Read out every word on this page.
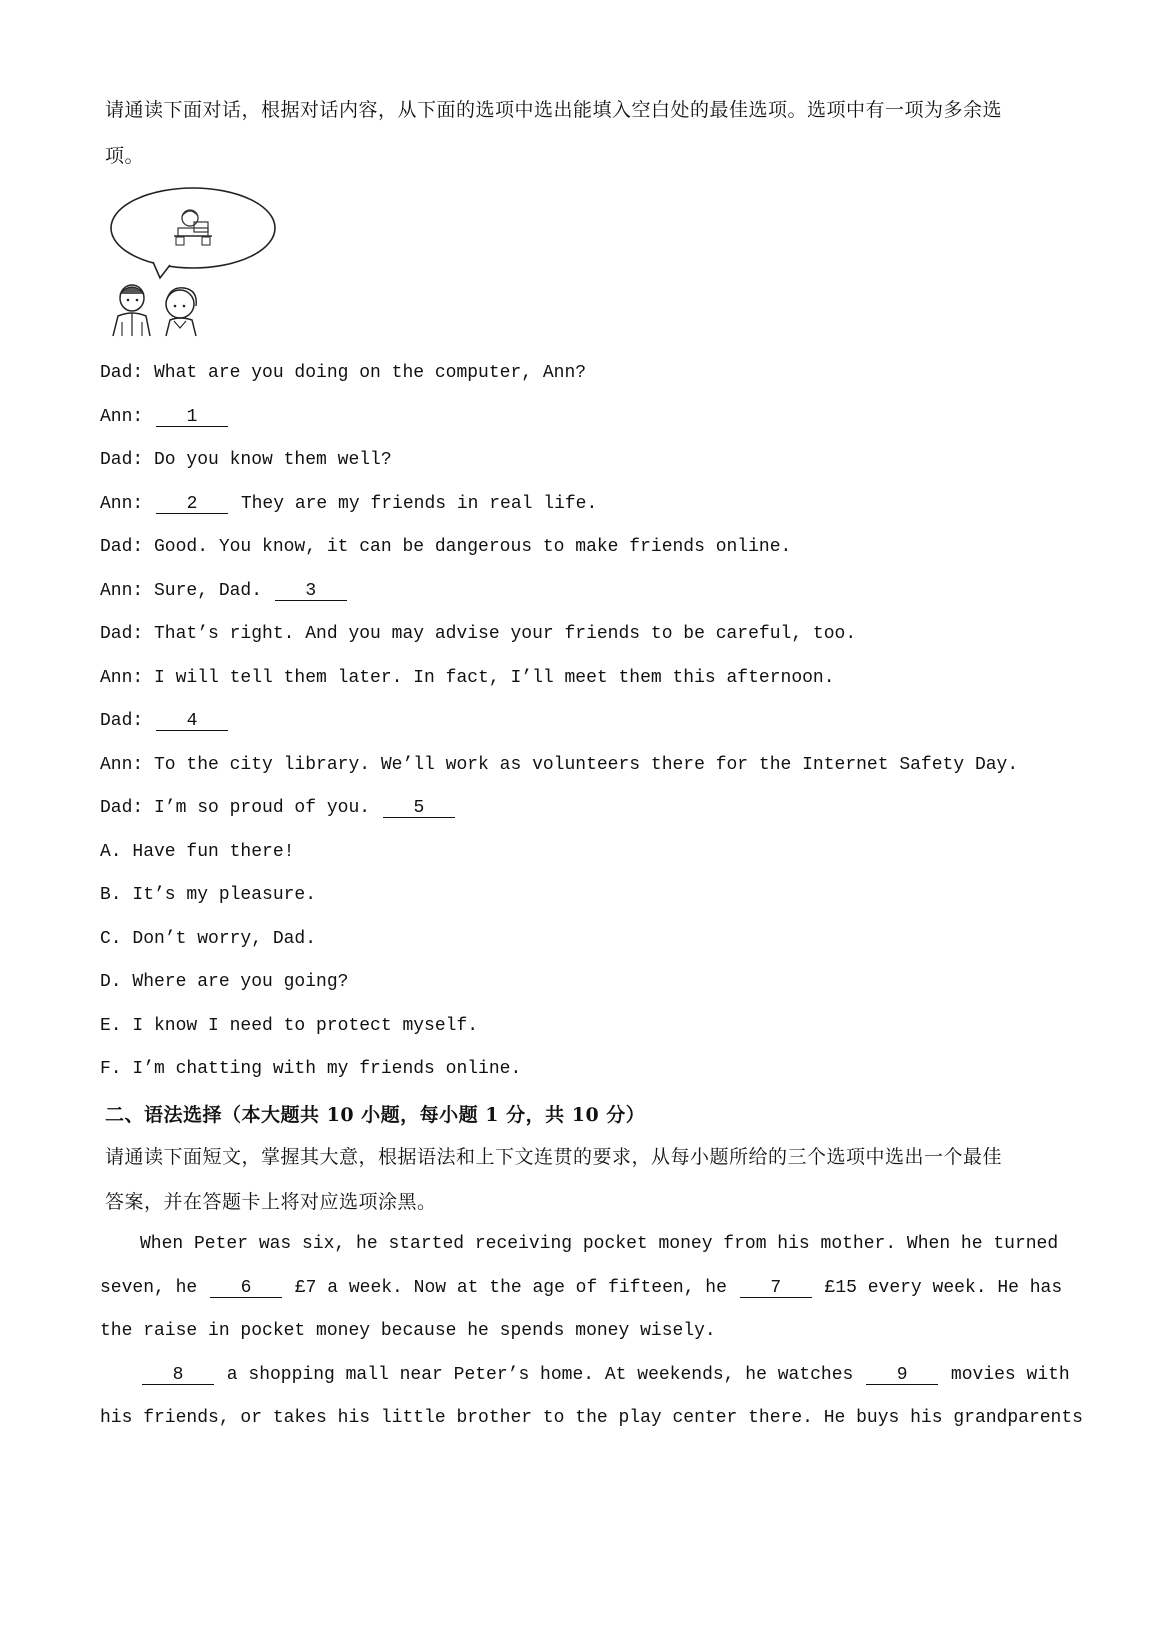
请通读下面对话，根据对话内容，从下面的选项中选出能填入空白处的最佳选项。选项中有一项为多余选
项。
Dad: What are you doing on the computer, Ann?
Ann: 1
Dad: Do you know them well?
Ann: 2 They are my friends in real life.
Dad: Good. You know, it can be dangerous to make friends online.
Ann: Sure, Dad. 3
Dad: That’s right. And you may advise your friends to be careful, too.
Ann: I will tell them later. In fact, I’ll meet them this afternoon.
Dad: 4
Ann: To the city library. We’ll work as volunteers there for the Internet Safety Day.
Dad: I’m so proud of you. 5
A. Have fun there!
B. It’s my pleasure.
C. Don’t worry, Dad.
D. Where are you going?
E. I know I need to protect myself.
F. I’m chatting with my friends online.
二、语法选择（本大题共 10 小题，每小题 1 分，共 10 分）
请通读下面短文，掌握其大意，根据语法和上下文连贯的要求，从每小题所给的三个选项中选出一个最佳
答案，并在答题卡上将对应选项涂黑。
When Peter was six, he started receiving pocket money from his mother. When he turned
seven, he 6 £7 a week. Now at the age of fifteen, he 7 £15 every week. He has
the raise in pocket money because he spends money wisely.
8 a shopping mall near Peter’s home. At weekends, he watches 9 movies with
his friends, or takes his little brother to the play center there. He buys his grandparents
